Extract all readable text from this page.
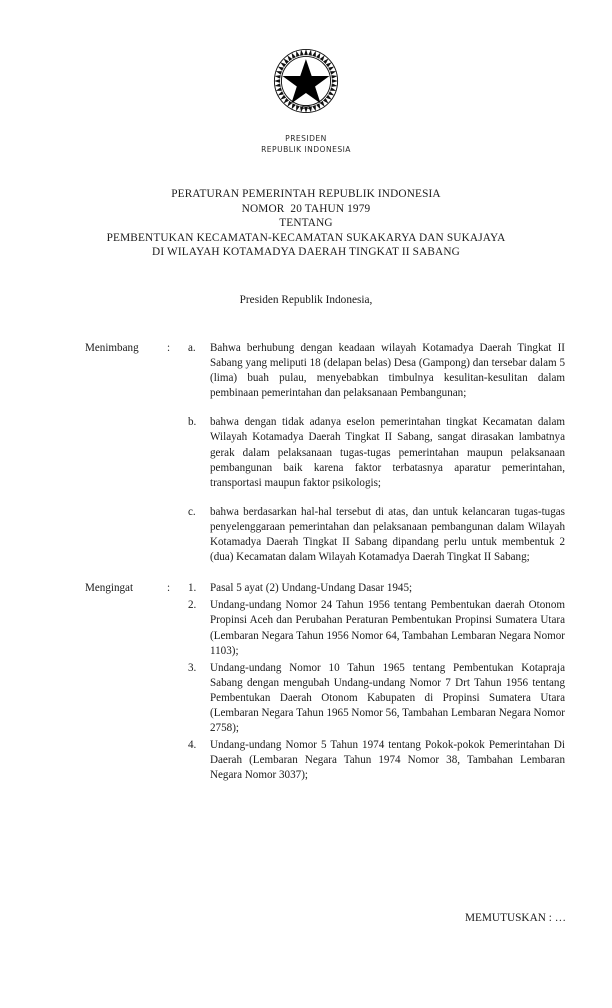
PRESIDEN
REPUBLIK INDONESIA
PERATURAN PEMERINTAH REPUBLIK INDONESIA
NOMOR  20 TAHUN 1979
TENTANG
PEMBENTUKAN KECAMATAN-KECAMATAN SUKAKARYA DAN SUKAJAYA
DI WILAYAH KOTAMADYA DAERAH TINGKAT II SABANG
Presiden Republik Indonesia,
Menimbang	:	a.	Bahwa berhubung dengan keadaan wilayah Kotamadya Daerah Tingkat II Sabang yang meliputi 18 (delapan belas) Desa (Gampong) dan tersebar dalam 5 (lima) buah pulau, menyebabkan timbulnya kesulitan-kesulitan dalam pembinaan pemerintahan dan pelaksanaan Pembangunan;
b.	bahwa dengan tidak adanya eselon pemerintahan tingkat Kecamatan dalam Wilayah Kotamadya Daerah Tingkat II Sabang, sangat dirasakan lambatnya gerak dalam pelaksanaan tugas-tugas pemerintahan maupun pelaksanaan pembangunan baik karena faktor terbatasnya aparatur pemerintahan, transportasi maupun faktor psikologis;
c.	bahwa berdasarkan hal-hal tersebut di atas, dan untuk kelancaran tugas-tugas penyelenggaraan pemerintahan dan pelaksanaan pembangunan dalam Wilayah Kotamadya Daerah Tingkat II Sabang dipandang perlu untuk membentuk 2 (dua) Kecamatan dalam Wilayah Kotamadya Daerah Tingkat II Sabang;
Mengingat	:	1.	Pasal 5 ayat (2) Undang-Undang Dasar 1945;
2.	Undang-undang Nomor 24 Tahun 1956 tentang Pembentukan daerah Otonom Propinsi Aceh dan Perubahan Peraturan Pembentukan Propinsi Sumatera Utara (Lembaran Negara Tahun 1956 Nomor 64, Tambahan Lembaran Negara Nomor 1103);
3.	Undang-undang Nomor 10 Tahun 1965 tentang Pembentukan Kotapraja Sabang dengan mengubah Undang-undang Nomor 7 Drt Tahun 1956 tentang Pembentukan Daerah Otonom Kabupaten di Propinsi Sumatera Utara (Lembaran Negara Tahun 1965 Nomor 56, Tambahan Lembaran Negara Nomor 2758);
4.	Undang-undang Nomor 5 Tahun 1974 tentang Pokok-pokok Pemerintahan Di Daerah (Lembaran Negara Tahun 1974 Nomor 38, Tambahan Lembaran Negara Nomor 3037);
MEMUTUSKAN : …
